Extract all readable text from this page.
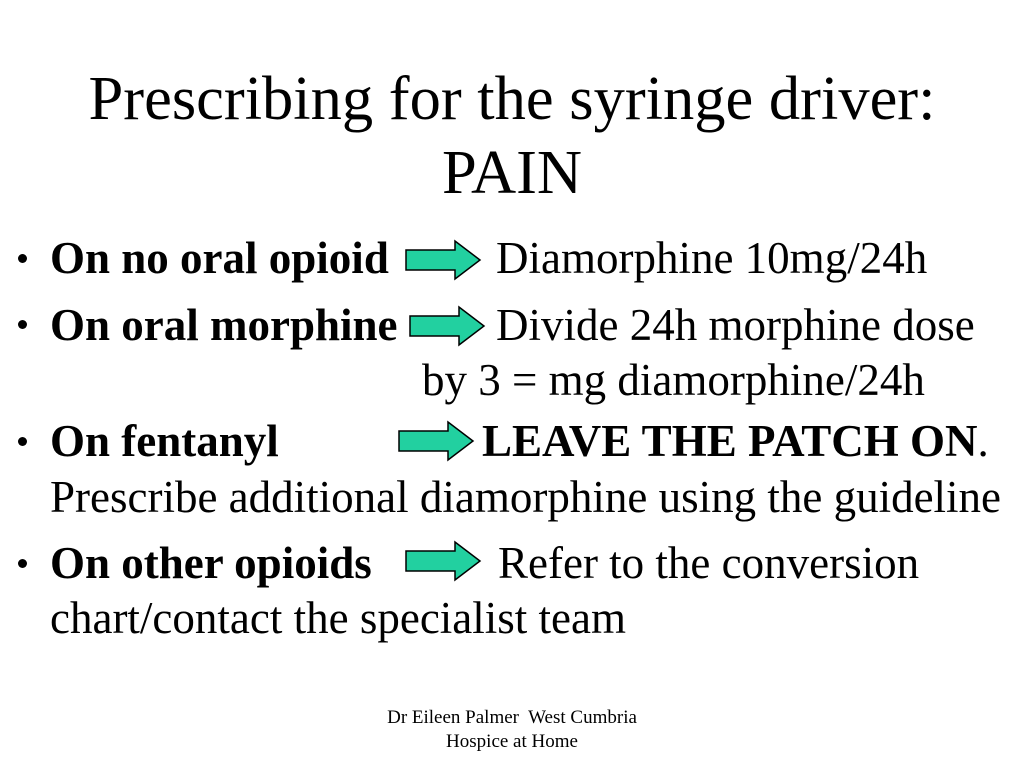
Prescribing for the syringe driver:
PAIN
On no oral opioid Diamorphine 10mg/24h
On oral morphine Divide 24h morphine dose
by 3 = mg diamorphine/24h
On fentanyl	LEAVE THE PATCH ON.
Prescribe additional diamorphine using the guideline
On other opioids	Refer to the conversion
chart/contact the specialist team
Dr Eileen Palmer  West Cumbria
Hospice at Home
